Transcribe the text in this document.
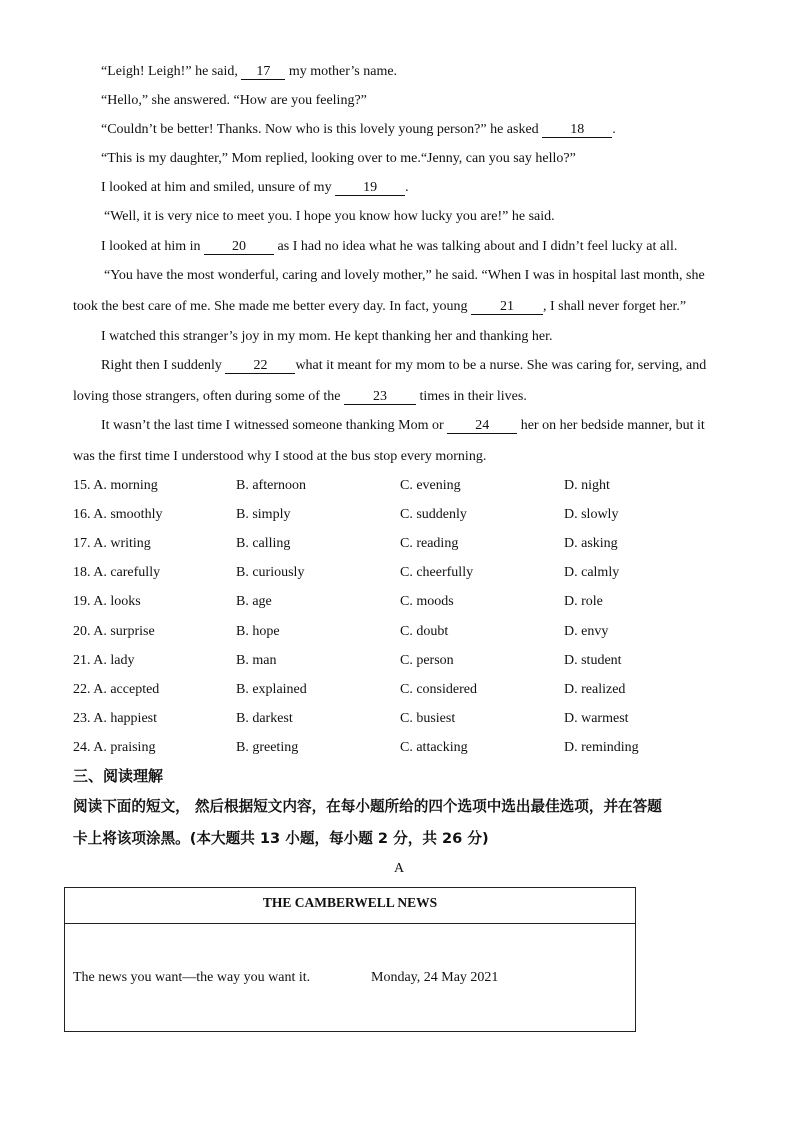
“Leigh! Leigh!” he said, 17 my mother’s name.
“Hello,” she answered. “How are you feeling?”
“Couldn’t be better! Thanks. Now who is this lovely young person?” he asked 18 .
“This is my daughter,” Mom replied, looking over to me.“Jenny, can you say hello?”
I looked at him and smiled, unsure of my 19 .
“Well, it is very nice to meet you. I hope you know how lucky you are!” he said.
I looked at him in 20 as I had no idea what he was talking about and I didn’t feel lucky at all.
“You have the most wonderful, caring and lovely mother,” he said. “When I was in hospital last month, she
took the best care of me. She made me better every day. In fact, young 21 , I shall never forget her.”
I watched this stranger’s joy in my mom. He kept thanking her and thanking her.
Right then I suddenly 22 what it meant for my mom to be a nurse. She was caring for, serving, and
loving those strangers, often during some of the 23 times in their lives.
It wasn’t the last time I witnessed someone thanking Mom or 24 her on her bedside manner, but it
was the first time I understood why I stood at the bus stop every morning.
15. A. morning	B. afternoon	C. evening	D. night
16. A. smoothly	B. simply	C. suddenly	D. slowly
17. A. writing	B. calling	C. reading	D. asking
18. A. carefully	B. curiously	C. cheerfully	D. calmly
19. A. looks	B. age	C. moods	D. role
20. A. surprise	B. hope	C. doubt	D. envy
21. A. lady	B. man	C. person	D. student
22. A. accepted	B. explained	C. considered	D. realized
23. A. happiest	B. darkest	C. busiest	D. warmest
24. A. praising	B. greeting	C. attacking	D. reminding
三、阅读理解
阅读下面的短文， 然后根据短文内容，在每小题所给的四个选项中选出最佳选项，并在答题
卡上将该项涂黑。(本大题共 13 小题，每小题 2 分，共 26 分)
A
THE CAMBERWELL NEWS
The news you want—the way you want it.	Monday, 24 May 2021
